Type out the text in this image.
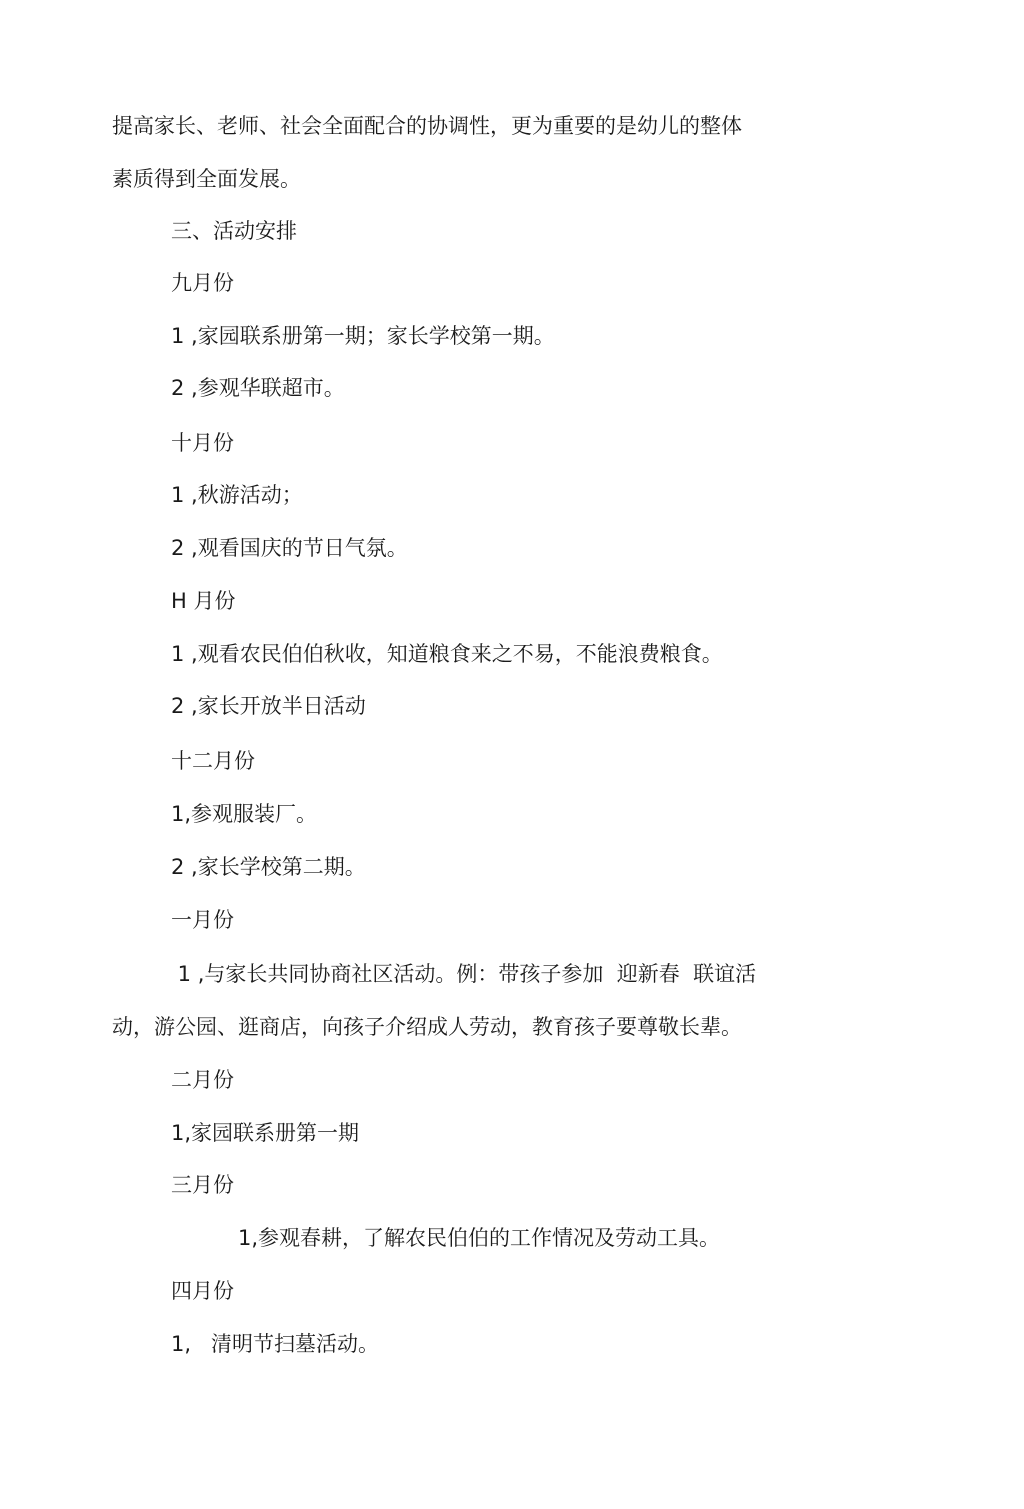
提高家长、老师、社会全面配合的协调性，更为重要的是幼儿的整体
素质得到全面发展。
三、活动安排
九月份
1 ,家园联系册第一期；家长学校第一期。
2 ,参观华联超市。
十月份
1 ,秋游活动；
2 ,观看国庆的节日气氛。
H 月份
1 ,观看农民伯伯秋收，知道粮食来之不易，不能浪费粮食。
2 ,家长开放半日活动
十二月份
1,参观服装厂。
2 ,家长学校第二期。
一月份
1 ,与家长共同协商社区活动。例：带孩子参加  迎新春  联谊活
动，游公园、逛商店，向孩子介绍成人劳动，教育孩子要尊敬长辈。
二月份
1,家园联系册第一期
三月份
1,参观春耕，了解农民伯伯的工作情况及劳动工具。
四月份
1,   清明节扫墓活动。
